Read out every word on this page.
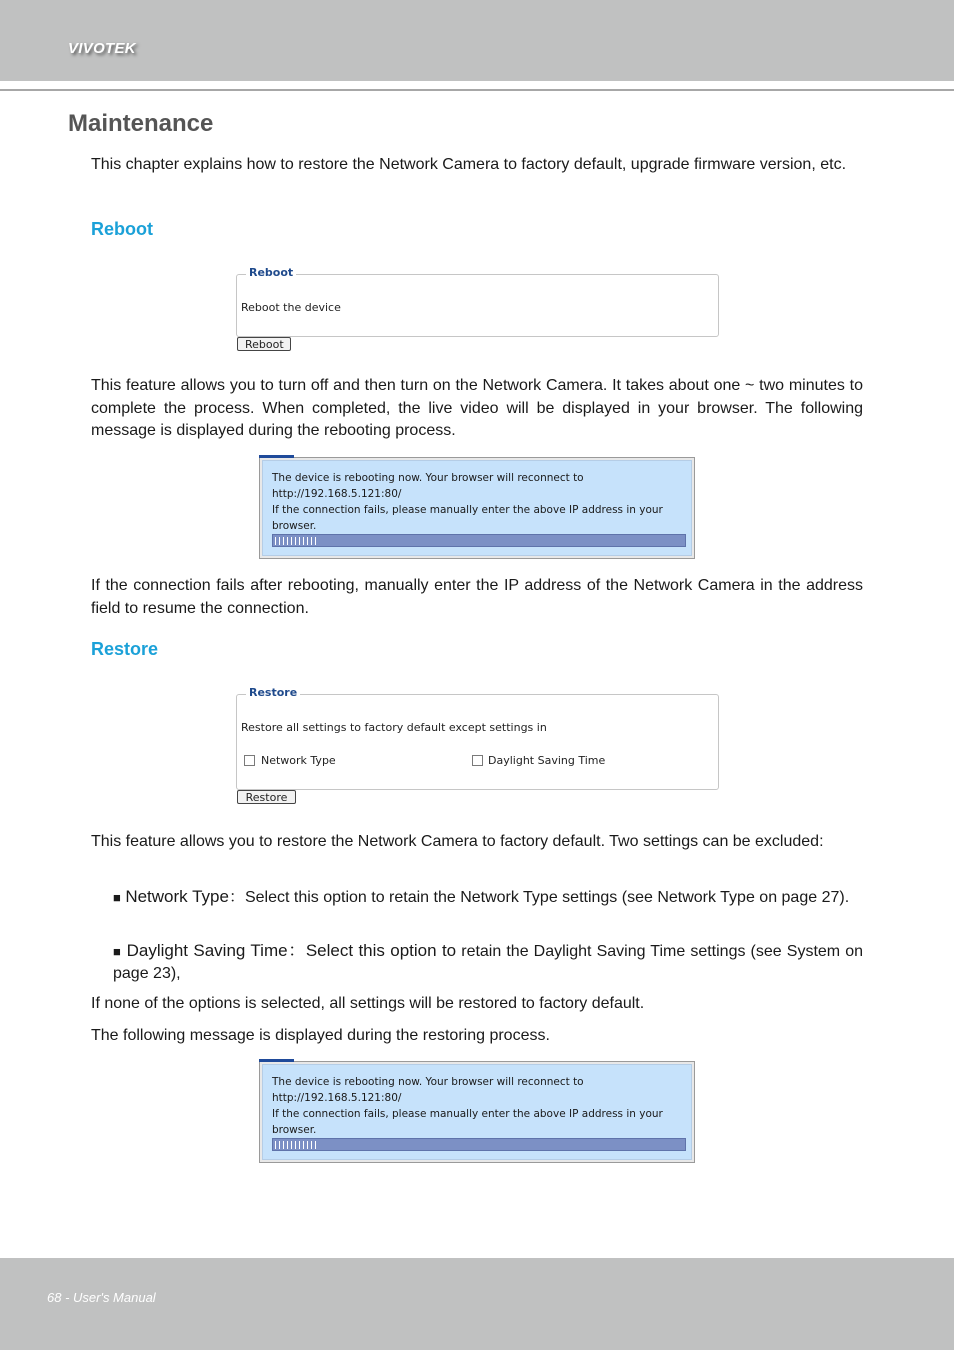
VIVOTEK
Maintenance

This chapter explains how to restore the Network Camera to factory default, upgrade firmware version, etc.

Reboot
Reboot
Reboot the device
Reboot

This feature allows you to turn off and then turn on the Network Camera. It takes about one ~ two minutes to complete the process. When completed, the live video will be displayed in your browser. The following message is displayed during the rebooting process.

The device is rebooting now. Your browser will reconnect to
http://192.168.5.121:80/
If the connection fails, please manually enter the above IP address in your
browser.

If the connection fails after rebooting, manually enter the IP address of the Network Camera in the address field to resume the connection.

Restore
Restore
Restore all settings to factory default except settings in
Network Type	Daylight Saving Time
Restore

This feature allows you to restore the Network Camera to factory default. Two settings can be excluded:

■ Network Type：Select this option to retain the Network Type settings (see Network Type on page 27).

■ Daylight Saving Time：Select this option to retain the Daylight Saving Time settings (see System on page 23),

If none of the options is selected, all settings will be restored to factory default.

The following message is displayed during the restoring process.

The device is rebooting now. Your browser will reconnect to
http://192.168.5.121:80/
If the connection fails, please manually enter the above IP address in your
browser.
68 - User's Manual
